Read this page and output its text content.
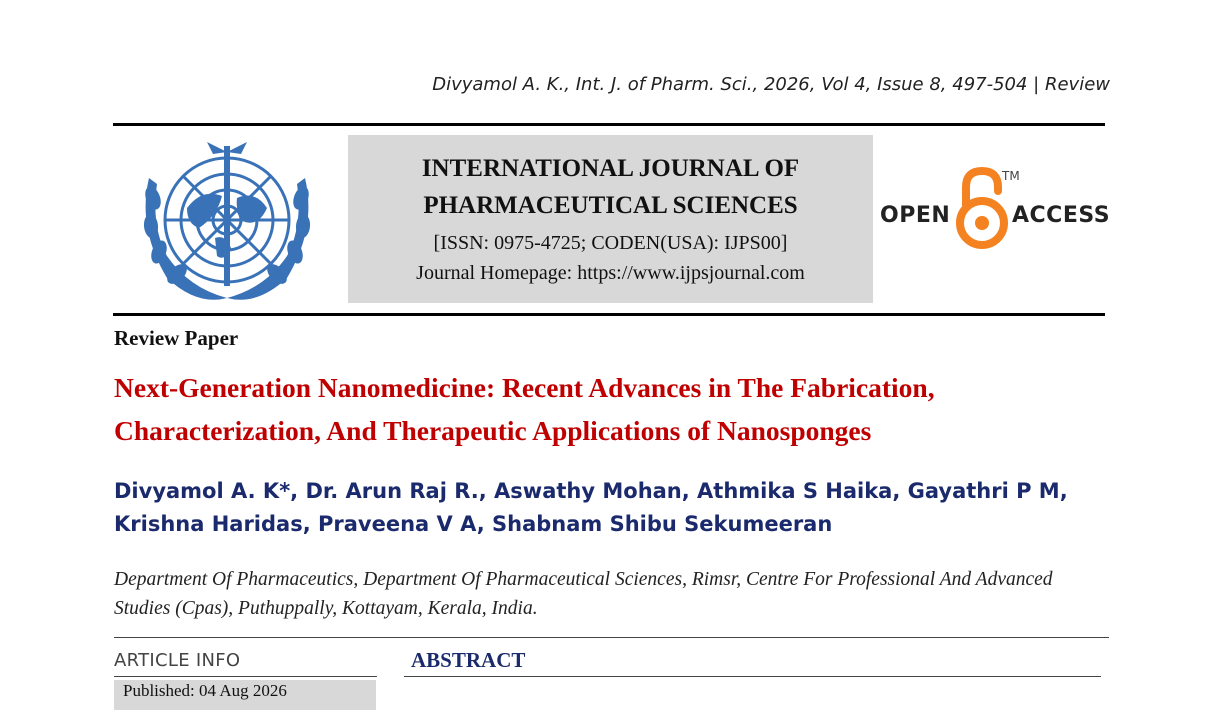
Divyamol A. K., Int. J. of Pharm. Sci., 2026, Vol 4, Issue 8, 497-504 | Review
INTERNATIONAL JOURNAL OF
PHARMACEUTICAL SCIENCES
[ISSN: 0975-4725; CODEN(USA): IJPS00]
Journal Homepage: https://www.ijpsjournal.com
OPEN
TM
ACCESS
Review Paper
Next-Generation Nanomedicine: Recent Advances in The Fabrication, Characterization, And Therapeutic Applications of Nanosponges
Divyamol A. K*, Dr. Arun Raj R., Aswathy Mohan, Athmika S Haika, Gayathri P M,
Krishna Haridas, Praveena V A, Shabnam Shibu Sekumeeran
Department Of Pharmaceutics, Department Of Pharmaceutical Sciences, Rimsr, Centre For Professional And Advanced Studies (Cpas), Puthuppally, Kottayam, Kerala, India.
ARTICLE INFO
Published: 04 Aug 2026
ABSTRACT
